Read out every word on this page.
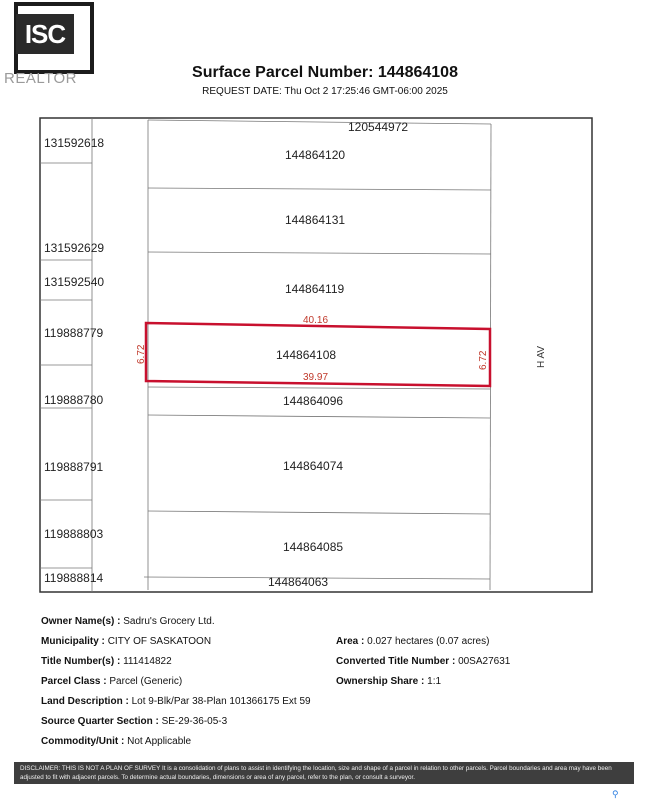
ISC
REALTOR	Surface Parcel Number: 144864108
REQUEST DATE: Thu Oct 2 17:25:46 GMT-06:00 2025
131592618
131592629
131592540
119888779
119888780
119888791
119888803
119888814
120544972
144864120
144864131
144864119
144864108
144864096
144864074
144864085
144864063
40.16
39.97
6.72	6.72	H AV
Owner Name(s) : Sadru's Grocery Ltd.
Municipality : CITY OF SASKATOON	Area : 0.027 hectares (0.07 acres)
Title Number(s) : 111414822	Converted Title Number : 00SA27631
Parcel Class : Parcel (Generic)	Ownership Share : 1:1
Land Description : Lot 9-Blk/Par 38-Plan 101366175 Ext 59
Source Quarter Section : SE-29-36-05-3
Commodity/Unit : Not Applicable
DISCLAIMER: THIS IS NOT A PLAN OF SURVEY It is a consolidation of plans to assist in identifying the location, size and shape of a parcel in relation to other parcels. Parcel boundaries and area may have been adjusted to fit with adjacent parcels. To determine actual boundaries, dimensions or area of any parcel, refer to the plan, or consult a surveyor.
⚲
